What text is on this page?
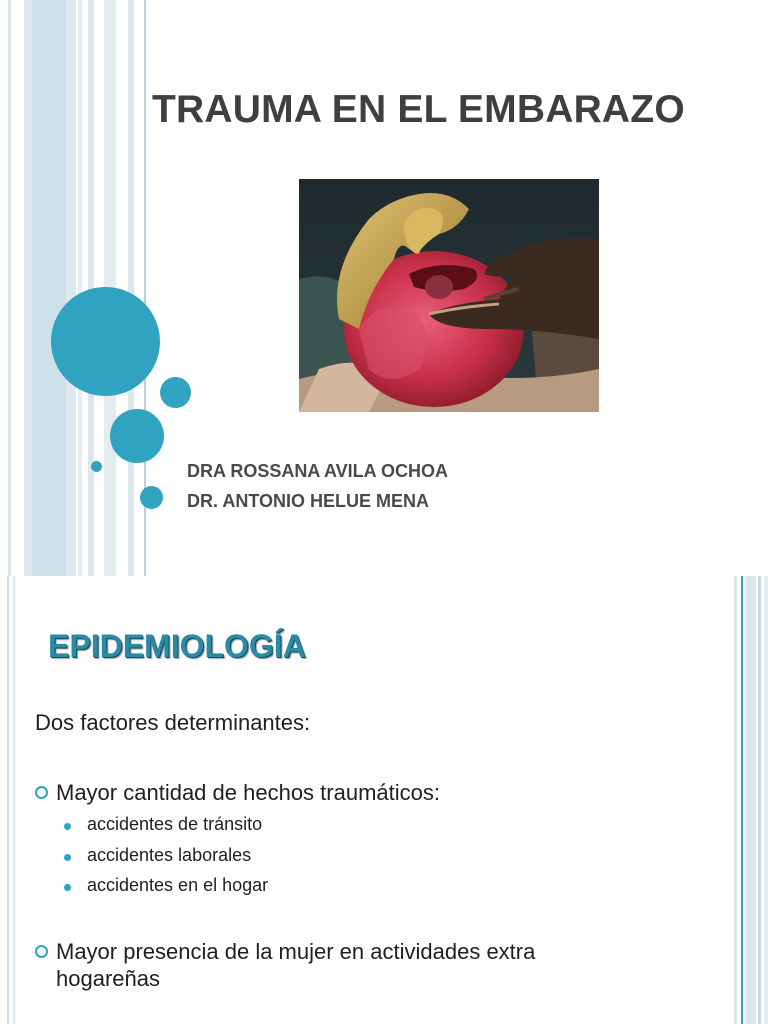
TRAUMA EN EL EMBARAZO
DRA ROSSANA AVILA OCHOA
DR. ANTONIO HELUE MENA
EPIDEMIOLOGÍA
Dos factores determinantes:
Mayor cantidad de hechos traumáticos:
accidentes de tránsito
accidentes laborales
accidentes en el hogar
Mayor presencia de la mujer en actividades extra hogareñas
